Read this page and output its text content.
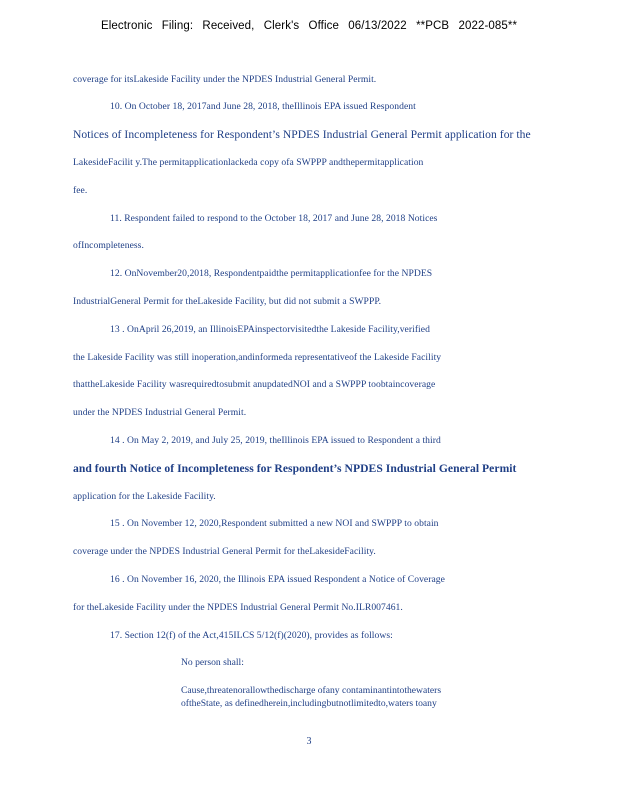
Electronic Filing: Received, Clerk's Office 06/13/2022 **PCB 2022-085**
coverage for itsLakeside Facility under the NPDES Industrial General Permit.
10. On October 18, 2017and June 28, 2018, theIllinois EPA issued Respondent
Notices of Incompleteness for Respondent’s NPDES Industrial General Permit application for the
LakesideFacilit y.The permitapplicationlackeda copy ofa SWPPP andthepermitapplication
fee.
11. Respondent failed to respond to the October 18, 2017 and June 28, 2018 Notices
ofIncompleteness.
12. OnNovember20,2018, Respondentpaidthe permitapplicationfee for the NPDES
IndustrialGeneral Permit for theLakeside Facility, but did not submit a SWPPP.
13 . OnApril 26,2019, an IllinoisEPAinspectorvisitedthe Lakeside Facility,verified
the Lakeside Facility was still inoperation,andinformeda representativeof the Lakeside Facility
thattheLakeside Facility wasrequiredtosubmit anupdatedNOI and a SWPPP toobtaincoverage
under the NPDES Industrial General Permit.
14 . On May 2, 2019, and July 25, 2019, theIllinois EPA issued to Respondent a third
and fourth Notice of Incompleteness for Respondent’s NPDES Industrial General Permit
application for the Lakeside Facility.
15 . On November 12, 2020,Respondent submitted a new NOI and SWPPP to obtain
coverage under the NPDES Industrial General Permit for theLakesideFacility.
16 . On November 16, 2020, the Illinois EPA issued Respondent a Notice of Coverage
for theLakeside Facility under the NPDES Industrial General Permit No.ILR007461.
17. Section 12(f) of the Act,415ILCS 5/12(f)(2020), provides as follows:
No person shall:
Cause,threatenorallowthedischarge ofany contaminantintothewaters
oftheState, as definedherein,includingbutnotlimitedto,waters toany
3
